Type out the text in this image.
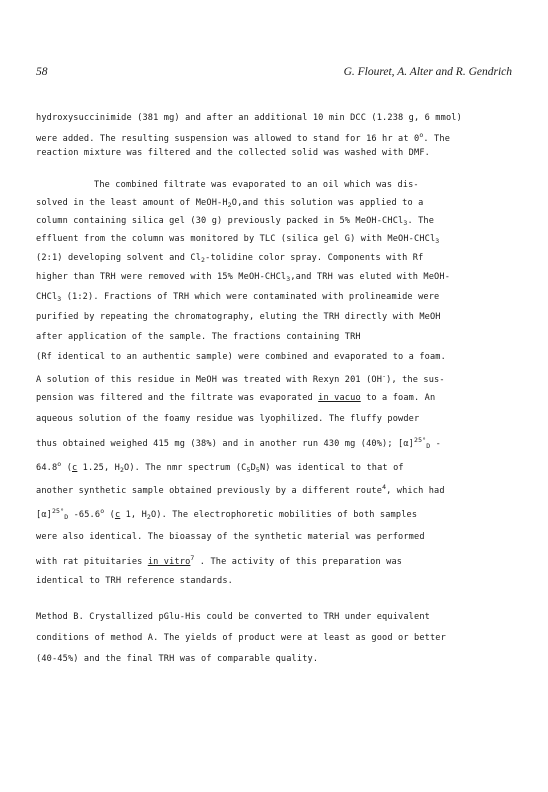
58	G. Flouret, A. Alter and R. Gendrich
hydroxysuccinimide (381 mg) and after an additional 10 min DCC (1.238 g, 6 mmol)
were added. The resulting suspension was allowed to stand for 16 hr at 0$^o$. The
reaction mixture was filtered and the collected solid was washed with DMF.
The combined filtrate was evaporated to an oil which was dis-
solved in the least amount of MeOH-$H_2O,and$ this solution was applied to a
column containing silica gel (30 g) previously packed in 5% MeOH-CHCl$_3$. The
effluent from the column was monitored by TLC (silica gel G) with MeOH-CHCl$_3$
(2:1) developing solvent and $Cl_2$-tolidine color spray. Components with Rf
higher than TRH were removed with 15% MeOH-CHCl$_3$,and TRH was eluted with MeOH-
CHCl$_3$ (1:2). Fractions of TRH which were contaminated with prolineamide were
purified by repeating the chromatography, eluting the TRH directly with MeOH
after application of the sample. The fractions containing TRH
(Rf identical to an authentic sample) were combined and evaporated to a foam.
A solution of this residue in MeOH was treated with Rexyn 201 (OH-), the sus-
pension was filtered and the filtrate was evaporated in vacuo to a foam. An
aqueous solution of the foamy residue was lyophilized. The fluffy powder
thus obtained weighed 415 mg (38%) and in another run 430 mg (40%); $[\alpha]^{25^\circ}_D$ -
64.8$^o$ (c 1.25, $H_2O$). The nmr spectrum $(C_5D_5N)$ was identical to that of
another synthetic sample obtained previously by a different route$^4$, which had
$[\alpha]^{25^\circ}_D$ -65.6$^o$ (c 1, $H_2O$). The electrophoretic mobilities of both samples
were also identical. The bioassay of the synthetic material was performed
with rat pituitaries in vitro$^7$ . The activity of this preparation was
identical to TRH reference standards.
Method B. Crystallized pGlu-His could be converted to TRH under equivalent
conditions of method A. The yields of product were at least as good or better
(40-45%) and the final TRH was of comparable quality.
